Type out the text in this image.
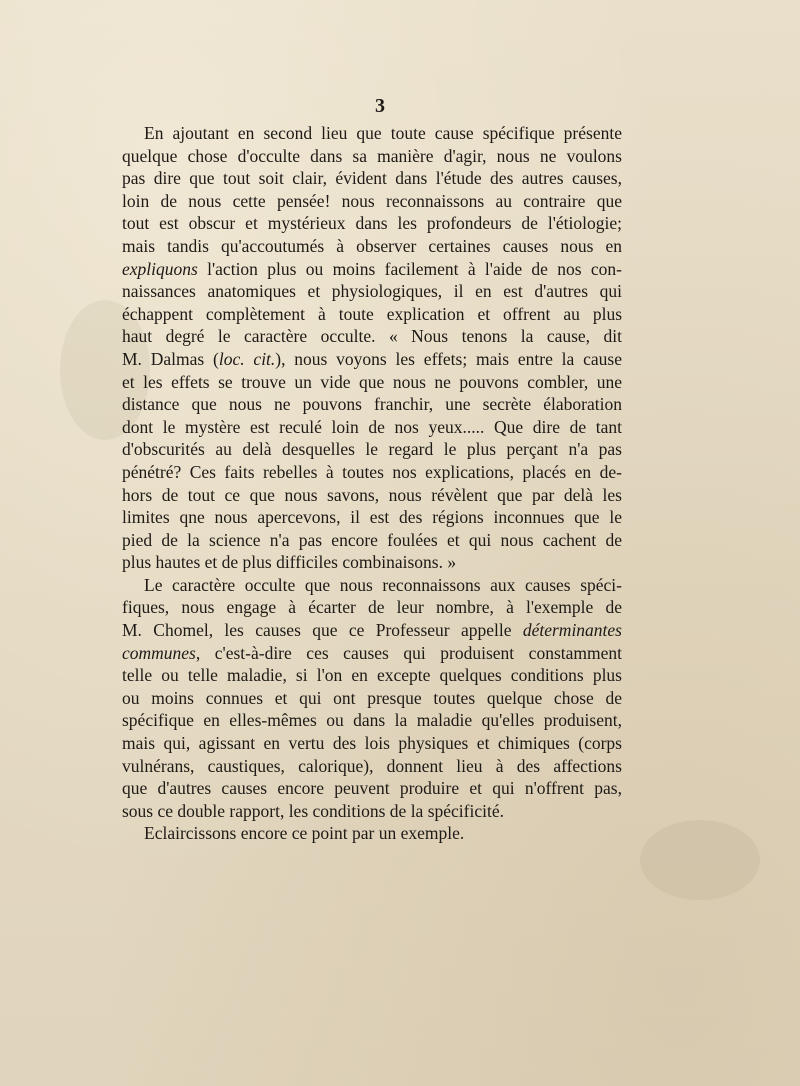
3
En ajoutant en second lieu que toute cause spécifique présente
quelque chose d'occulte dans sa manière d'agir, nous ne voulons
pas dire que tout soit clair, évident dans l'étude des autres causes,
loin de nous cette pensée! nous reconnaissons au contraire que
tout est obscur et mystérieux dans les profondeurs de l'étiologie;
mais tandis qu'accoutumés à observer certaines causes nous en
expliquons l'action plus ou moins facilement à l'aide de nos con-
naissances anatomiques et physiologiques, il en est d'autres qui
échappent complètement à toute explication et offrent au plus
haut degré le caractère occulte. « Nous tenons la cause, dit
M. Dalmas (loc. cit.), nous voyons les effets; mais entre la cause
et les effets se trouve un vide que nous ne pouvons combler, une
distance que nous ne pouvons franchir, une secrète élaboration
dont le mystère est reculé loin de nos yeux..... Que dire de tant
d'obscurités au delà desquelles le regard le plus perçant n'a pas
pénétré? Ces faits rebelles à toutes nos explications, placés en de-
hors de tout ce que nous savons, nous révèlent que par delà les
limites qne nous apercevons, il est des régions inconnues que le
pied de la science n'a pas encore foulées et qui nous cachent de
plus hautes et de plus difficiles combinaisons. »
Le caractère occulte que nous reconnaissons aux causes spéci-
fiques, nous engage à écarter de leur nombre, à l'exemple de
M. Chomel, les causes que ce Professeur appelle déterminantes
communes, c'est-à-dire ces causes qui produisent constamment
telle ou telle maladie, si l'on en excepte quelques conditions plus
ou moins connues et qui ont presque toutes quelque chose de
spécifique en elles-mêmes ou dans la maladie qu'elles produisent,
mais qui, agissant en vertu des lois physiques et chimiques (corps
vulnérans, caustiques, calorique), donnent lieu à des affections
que d'autres causes encore peuvent produire et qui n'offrent pas,
sous ce double rapport, les conditions de la spécificité.
Eclaircissons encore ce point par un exemple.
